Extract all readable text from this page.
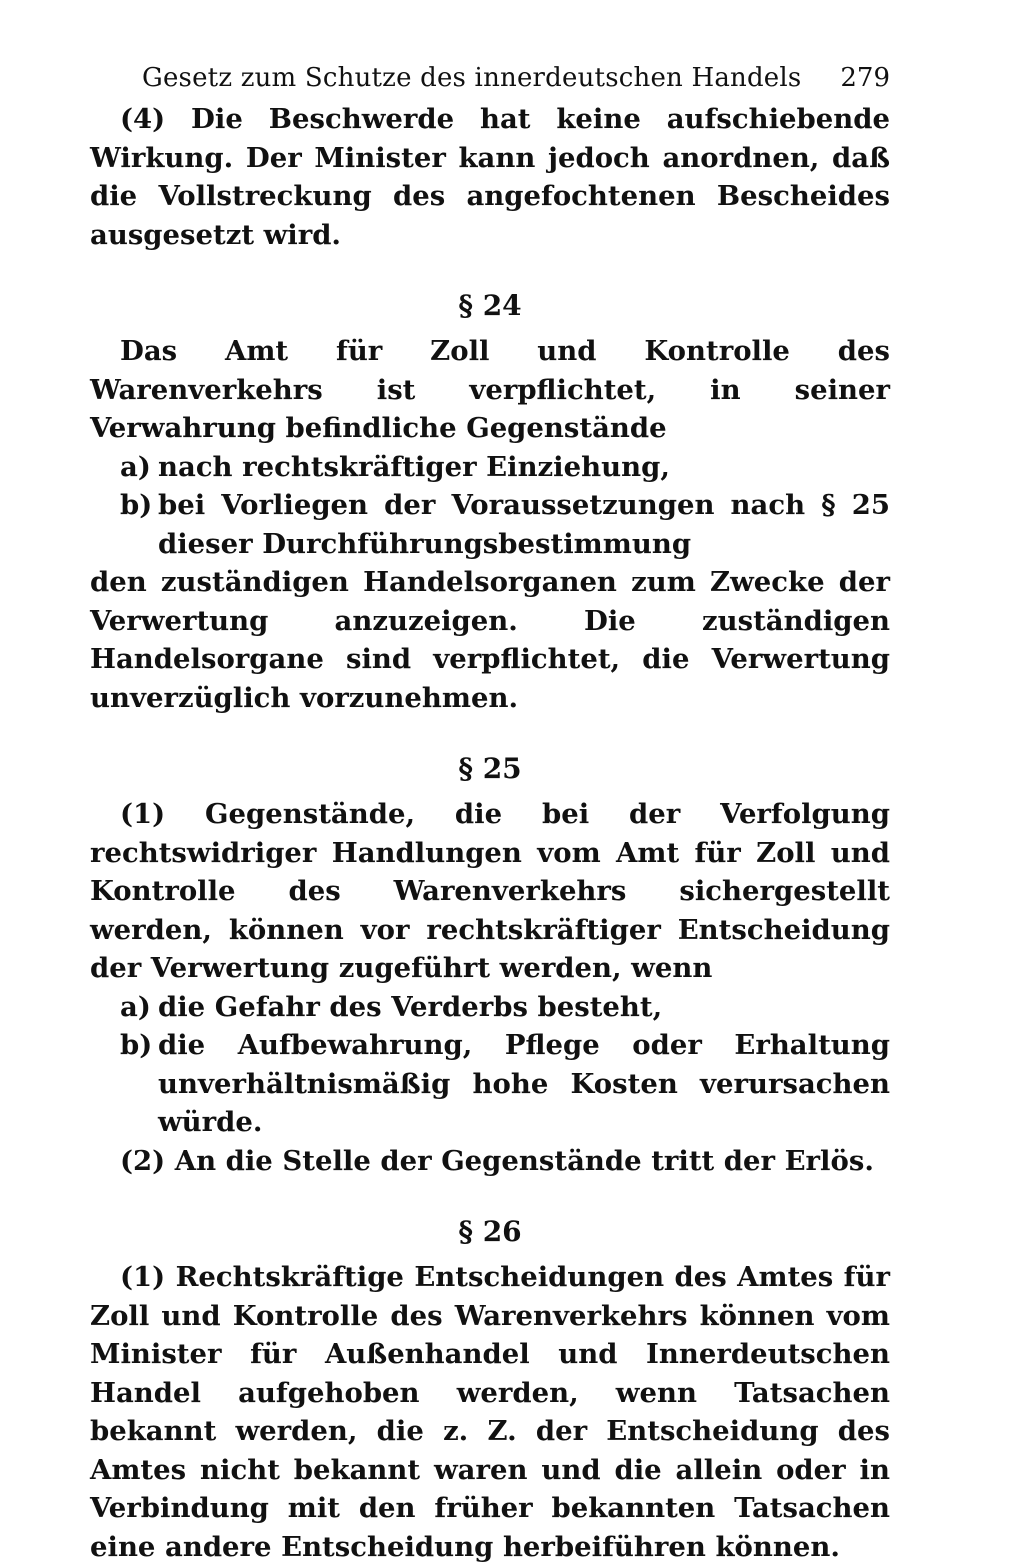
Gesetz zum Schutze des innerdeutschen Handels 279

(4) Die Beschwerde hat keine aufschiebende Wirkung. Der Minister kann jedoch anordnen, daß die Vollstreckung des angefochtenen Bescheides ausgesetzt wird.

§ 24

Das Amt für Zoll und Kontrolle des Warenverkehrs ist verpflichtet, in seiner Verwahrung befindliche Gegenstände

a) nach rechtskräftiger Einziehung,
b) bei Vorliegen der Voraussetzungen nach § 25 dieser Durchführungsbestimmung

den zuständigen Handelsorganen zum Zwecke der Verwertung anzuzeigen. Die zuständigen Handelsorgane sind verpflichtet, die Verwertung unverzüglich vorzunehmen.

§ 25

(1) Gegenstände, die bei der Verfolgung rechtswidriger Handlungen vom Amt für Zoll und Kontrolle des Warenverkehrs sichergestellt werden, können vor rechtskräftiger Entscheidung der Verwertung zugeführt werden, wenn

a) die Gefahr des Verderbs besteht,
b) die Aufbewahrung, Pflege oder Erhaltung unverhältnismäßig hohe Kosten verursachen würde.

(2) An die Stelle der Gegenstände tritt der Erlös.

§ 26

(1) Rechtskräftige Entscheidungen des Amtes für Zoll und Kontrolle des Warenverkehrs können vom Minister für Außenhandel und Innerdeutschen Handel aufgehoben werden, wenn Tatsachen bekannt werden, die z. Z. der Entscheidung des Amtes nicht bekannt waren und die allein oder in Verbindung mit den früher bekannten Tatsachen eine andere Entscheidung herbeiführen können.
